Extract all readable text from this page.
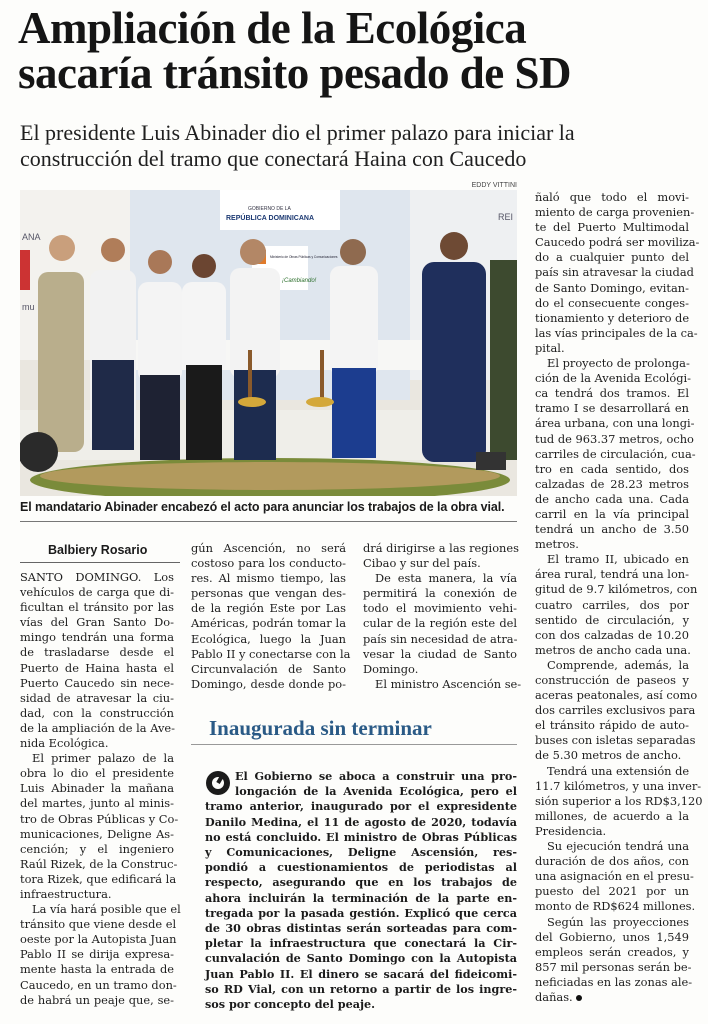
Ampliación de la Ecológica
sacaría tránsito pesado de SD
El presidente Luis Abinader dio el primer palazo para iniciar la
construcción del tramo que conectará Haina con Caucedo
EDDY VITTINI
GOBIERNO DE LA
REPÚBLICA DOMINICANA
Ministerio de Obras Públicas y Comunicaciones
¡Cambiando!
ANA
mu
REI
El mandatario Abinader encabezó el acto para anunciar los trabajos de la obra vial.
Balbiery Rosario
SANTO DOMINGO. Los
vehículos de carga que di-
ficultan el tránsito por las
vías del Gran Santo Do-
mingo tendrán una forma
de trasladarse desde el
Puerto de Haina hasta el
Puerto Caucedo sin nece-
sidad de atravesar la ciu-
dad, con la construcción
de la ampliación de la Ave-
nida Ecológica.
El primer palazo de la
obra lo dio el presidente
Luis Abinader la mañana
del martes, junto al minis-
tro de Obras Públicas y Co-
municaciones, Deligne As-
cención; y el ingeniero
Raúl Rizek, de la Construc-
tora Rizek, que edificará la
infraestructura.
La vía hará posible que el
tránsito que viene desde el
oeste por la Autopista Juan
Pablo II se dirija expresa-
mente hasta la entrada de
Caucedo, en un tramo don-
de habrá un peaje que, se-
gún Ascención, no será
costoso para los conducto-
res. Al mismo tiempo, las
personas que vengan des-
de la región Este por Las
Américas, podrán tomar la
Ecológica, luego la Juan
Pablo II y conectarse con la
Circunvalación de Santo
Domingo, desde donde po-
drá dirigirse a las regiones
Cibao y sur del país.
De esta manera, la vía
permitirá la conexión de
todo el movimiento vehi-
cular de la región este del
país sin necesidad de atra-
vesar la ciudad de Santo
Domingo.
El ministro Ascención se-
Inaugurada sin terminar
El Gobierno se aboca a construir una pro-
longación de la Avenida Ecológica, pero el
tramo anterior, inaugurado por el expresidente
Danilo Medina, el 11 de agosto de 2020, todavía
no está concluido. El ministro de Obras Públicas
y Comunicaciones, Deligne Ascensión, res-
pondió a cuestionamientos de periodistas al
respecto, asegurando que en los trabajos de
ahora incluirán la terminación de la parte en-
tregada por la pasada gestión. Explicó que cerca
de 30 obras distintas serán sorteadas para com-
pletar la infraestructura que conectará la Cir-
cunvalación de Santo Domingo con la Autopista
Juan Pablo II. El dinero se sacará del fideicomi-
so RD Vial, con un retorno a partir de los ingre-
sos por concepto del peaje.
ñaló que todo el movi-
miento de carga provenien-
te del Puerto Multimodal
Caucedo podrá ser moviliza-
do a cualquier punto del
país sin atravesar la ciudad
de Santo Domingo, evitan-
do el consecuente conges-
tionamiento y deterioro de
las vías principales de la ca-
pital.
El proyecto de prolonga-
ción de la Avenida Ecológi-
ca tendrá dos tramos. El
tramo I se desarrollará en
área urbana, con una longi-
tud de 963.37 metros, ocho
carriles de circulación, cua-
tro en cada sentido, dos
calzadas de 28.23 metros
de ancho cada una. Cada
carril en la vía principal
tendrá un ancho de 3.50
metros.
El tramo II, ubicado en
área rural, tendrá una lon-
gitud de 9.7 kilómetros, con
cuatro carriles, dos por
sentido de circulación, y
con dos calzadas de 10.20
metros de ancho cada una.
Comprende, además, la
construcción de paseos y
aceras peatonales, así como
dos carriles exclusivos para
el tránsito rápido de auto-
buses con isletas separadas
de 5.30 metros de ancho.
Tendrá una extensión de
11.7 kilómetros, y una inver-
sión superior a los RD$3,120
millones, de acuerdo a la
Presidencia.
Su ejecución tendrá una
duración de dos años, con
una asignación en el presu-
puesto del 2021 por un
monto de RD$624 millones.
Según las proyecciones
del Gobierno, unos 1,549
empleos serán creados, y
857 mil personas serán be-
neficiadas en las zonas ale-
dañas.
